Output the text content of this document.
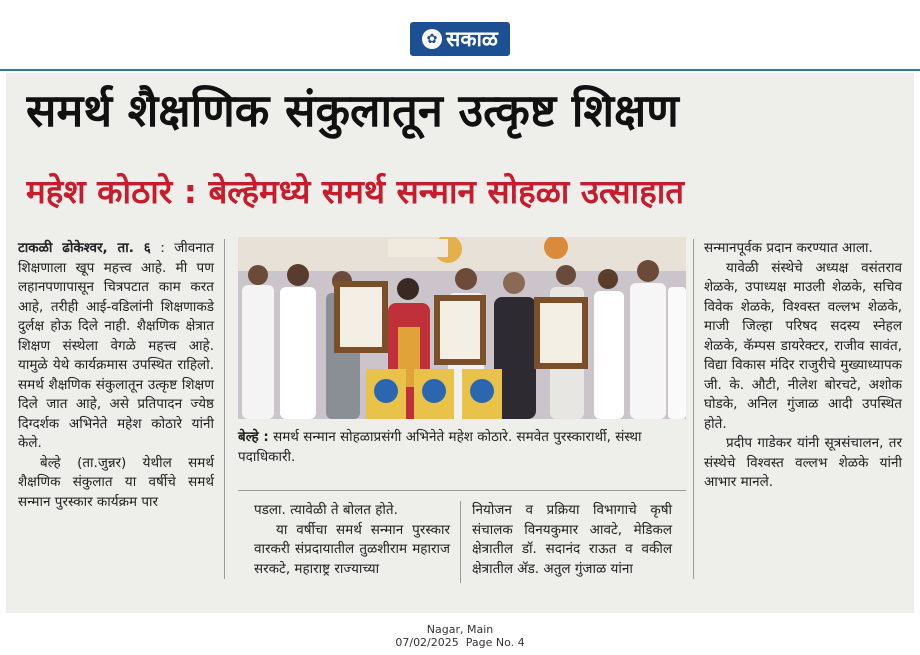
✿ सकाळ
समर्थ शैक्षणिक संकुलातून उत्कृष्ट शिक्षण
महेश कोठारे : बेल्हेमध्ये समर्थ सन्मान सोहळा उत्साहात

टाकळी ढोकेश्वर, ता. ६ : जीवनात शिक्षणाला खूप महत्त्व आहे. मी पण लहानपणापासून चित्रपटात काम करत आहे, तरीही आई-वडिलांनी शिक्षणाकडे दुर्लक्ष होऊ दिले नाही. शैक्षणिक क्षेत्रात शिक्षण संस्थेला वेगळे महत्त्व आहे. यामुळे येथे कार्यक्रमास उपस्थित राहिलो. समर्थ शैक्षणिक संकुलातून उत्कृष्ट शिक्षण दिले जात आहे, असे प्रतिपादन ज्येष्ठ दिग्दर्शक अभिनेते महेश कोठारे यांनी केले.

बेल्हे (ता.जुन्नर) येथील समर्थ शैक्षणिक संकुलात या वर्षीचे समर्थ सन्मान पुरस्कार कार्यक्रम पार

बेल्हे : समर्थ सन्मान सोहळाप्रसंगी अभिनेते महेश कोठारे. समवेत पुरस्कारार्थी, संस्था पदाधिकारी.

पडला. त्यावेळी ते बोलत होते.

या वर्षीचा समर्थ सन्मान पुरस्कार वारकरी संप्रदायातील तुळशीराम महाराज सरकटे, महाराष्ट्र राज्याच्या

नियोजन व प्रक्रिया विभागाचे कृषी संचालक विनयकुमार आवटे, मेडिकल क्षेत्रातील डॉ. सदानंद राऊत व वकील क्षेत्रातील ॲड. अतुल गुंजाळ यांना

सन्मानपूर्वक प्रदान करण्यात आला.

यावेळी संस्थेचे अध्यक्ष वसंतराव शेळके, उपाध्यक्ष माउली शेळके, सचिव विवेक शेळके, विश्वस्त वल्लभ शेळके, माजी जिल्हा परिषद सदस्य स्नेहल शेळके, कॅम्पस डायरेक्टर, राजीव सावंत, विद्या विकास मंदिर राजुरीचे मुख्याध्यापक जी. के. औटी, नीलेश बोरचटे, अशोक घोडके, अनिल गुंजाळ आदी उपस्थित होते.

प्रदीप गाडेकर यांनी सूत्रसंचालन, तर संस्थेचे विश्वस्त वल्लभ शेळके यांनी आभार मानले.

Nagar, Main
07/02/2025  Page No. 4
